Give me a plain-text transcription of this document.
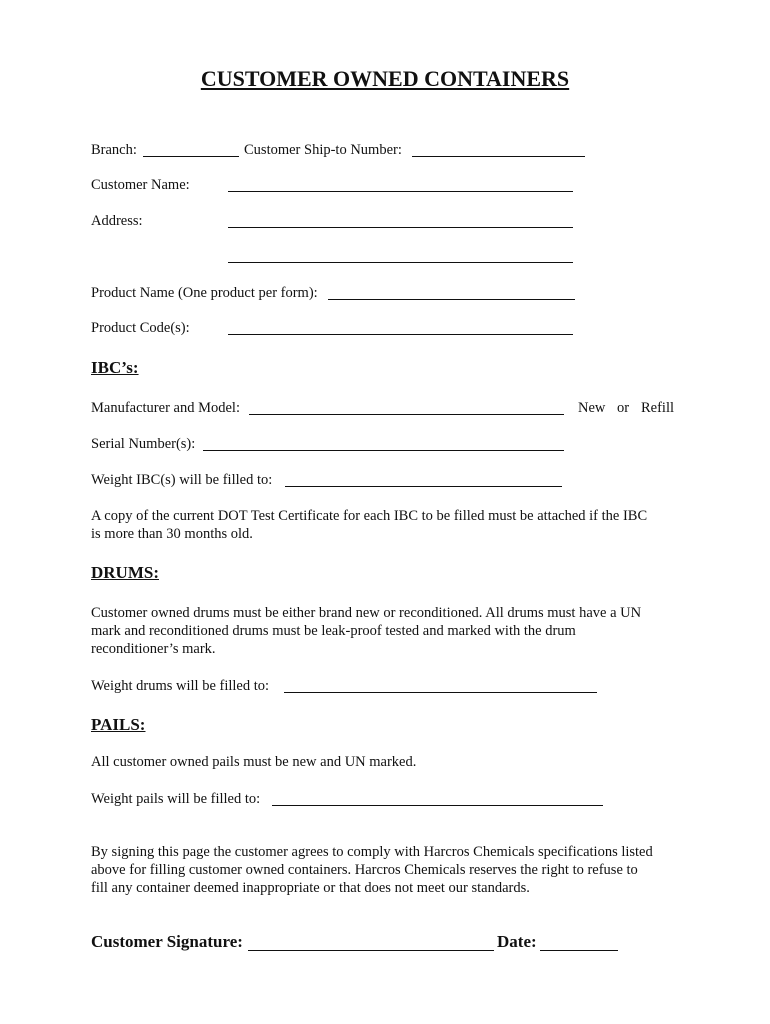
CUSTOMER OWNED CONTAINERS
Branch:	Customer Ship-to Number:
Customer Name:
Address:
Product Name (One product per form):
Product Code(s):
IBC’s:
Manufacturer and Model:	New or Refill
Serial Number(s):
Weight IBC(s) will be filled to:
A copy of the current DOT Test Certificate for each IBC to be filled must be attached if the IBC
is more than 30 months old.
DRUMS:
Customer owned drums must be either brand new or reconditioned. All drums must have a UN
mark and reconditioned drums must be leak-proof tested and marked with the drum
reconditioner’s mark.
Weight drums will be filled to:
PAILS:
All customer owned pails must be new and UN marked.
Weight pails will be filled to:
By signing this page the customer agrees to comply with Harcros Chemicals specifications listed
above for filling customer owned containers. Harcros Chemicals reserves the right to refuse to
fill any container deemed inappropriate or that does not meet our standards.
Customer Signature:	Date:
